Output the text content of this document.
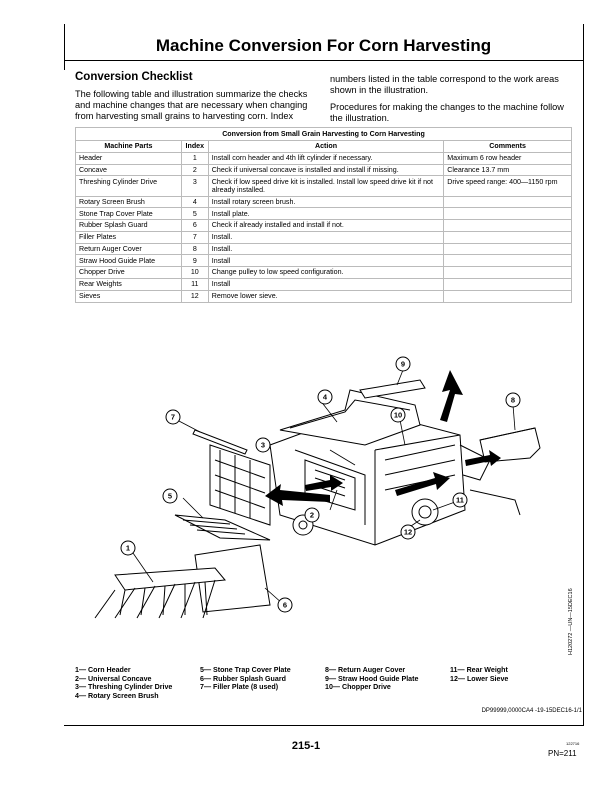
Machine Conversion For Corn Harvesting
Conversion Checklist
The following table and illustration summarize the checks and machine changes that are necessary when changing from harvesting small grains to harvesting corn. Index
numbers listed in the table correspond to the work areas shown in the illustration.
Procedures for making the changes to the machine follow the illustration.
Conversion from Small Grain Harvesting to Corn Harvesting
Machine Parts	Index	Action	Comments
Header	1	Install corn header and 4th lift cylinder if necessary.	Maximum 6 row header
Concave	2	Check if universal concave is installed and install if missing.	Clearance 13.7 mm
Threshing Cylinder Drive	3	Check if low speed drive kit is installed. Install low speed drive kit if not already installed.	Drive speed range: 400—1150 rpm
Rotary Screen Brush	4	Install rotary screen brush.	
Stone Trap Cover Plate	5	Install plate.	
Rubber Splash Guard	6	Check if already installed and install if not.	
Filler Plates	7	Install.	
Return Auger Cover	8	Install.	
Straw Hood Guide Plate	9	Install	
Chopper Drive	10	Change pulley to low speed configuration.	
Rear Weights	11	Install	
Sieves	12	Remove lower sieve.	
1
2
3
4
5
6
7
8
9
10
11
12
H120272 —UN—15DEC16
1— Corn Header
2— Universal Concave
3— Threshing Cylinder Drive
4— Rotary Screen Brush
5— Stone Trap Cover Plate
6— Rubber Splash Guard
7— Filler Plate (8 used)
8— Return Auger Cover
9— Straw Hood Guide Plate
10— Chopper Drive
11— Rear Weight
12— Lower Sieve
DP99999,0000CA4 -19-15DEC16-1/1
215-1	122716
PN=211
